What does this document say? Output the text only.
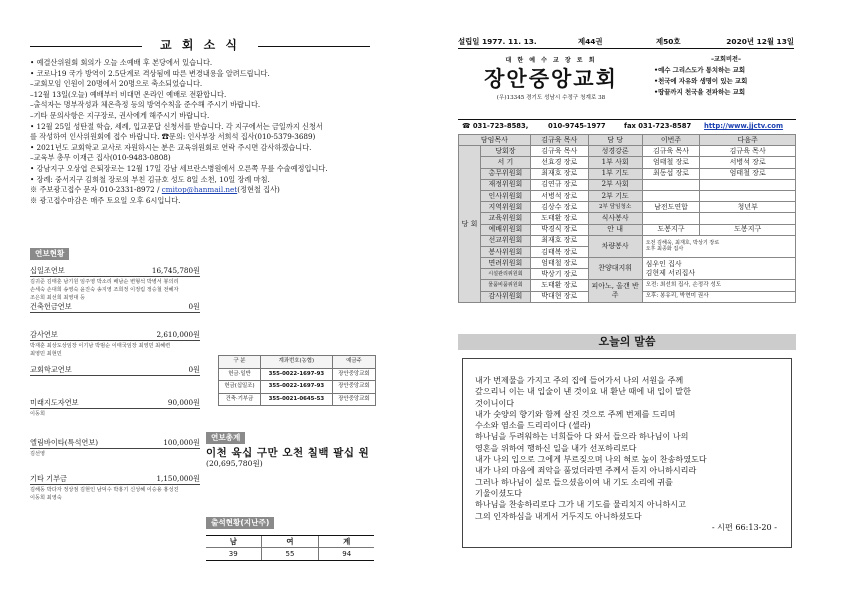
교 회 소 식
• 예결산위원회 회의가 오늘 소예배 후 본당에서 있습니다.
• 코로나19 국가 방역이 2.5단계로 격상됨에 따른 변경내용을 알려드립니다.
–교회모임 인원이 20명에서 20명으로 축소되었습니다.
–12월 13일(오늘) 예배부터 비대면 온라인 예배로 전환합니다.
–출석자는 명부작성과 체온측정 등의 방역수칙을 준수해 주시기 바랍니다.
–기타 문의사항은 지구장로, 권사에게 해주시기 바랍니다.
• 12월 25일 성탄절 학습, 세례, 입교문답 신청서를 받습니다. 각 지구에서는 금일까지 신청서
를 작성하여 인사위원회에 접수 바랍니다. ☎문의: 인사부장 서희석 집사(010-5379-3689)
• 2021년도 교회학교 교사로 자원하시는 분은 교육위원회로 연락 주시면 감사하겠습니다.
–교육부 총무 이재근 집사(010-9483-0808)
• 강남지구 오상엽 은퇴장로는 12월 17일 강남 세브란스병원에서 오른쪽 무릎 수술예정입니다.
• 장례: 중서지구 김희철 장로의 부친 김규호 성도 8일 소천, 10일 장례 마침.
※ 주보광고접수 문자 010-2331-8972 / cmitop@hanmail.net(정현철 집사)
※ 광고접수마감은 매주 토요일 오후 6시입니다.
연보현황
십일조연보	16,745,780원
김귀준 김태훈 남기원 임주영 박소리 배남순 변형석 박병서 봉의리
손세숙 손대희 송영숙 윤진숙 송지영 조희정 이정림 정승철 전혜자
조은희 최선희 최영대 등
건축헌금연보	0원
감사연보	2,610,000원
박재훈 최상도상임장 이기남 박범순 이태국임장 최영민 최혜련
최영민 최현민
교회학교연보	0원
미래지도자연보	90,000원
이동희
엘림바이타(특석연보)	100,000원
김선영
기타 기부금	1,150,000원
김해동 박다자 정상점 김현인 남덕수 박홍기 신성혜 이승용 홍성진
이동희 최영숙
구 분	계좌번호(농협)	예금주
헌금·일반	355-0022-1697-93	장안중앙교회
헌금(십일조)	355-0022-1697-93	장안중앙교회
건축·기부금	355-0021-0645-53	장안중앙교회
연보총계
이천 육십 구만 오천 칠백 팔십 원
(20,695,780원)
출석현황(지난주)
남	여	계
39	55	94
설립일 1977. 11. 13.	제44권	제50호	2020년 12월 13일
대 한 예 수 교 장 로 회
장안중앙교회
(우)13345 경기도 성남시 수정구 청계로 38
–교회비전–
•예수 그리스도가 통치하는 교회
•천국에 자유와 생명이 있는 교회
•땅끝까지 천국을 전파하는 교회
☎ 031-723-8583,	010-9745-1977	fax 031-723-8587 http://www.jjctv.com
담임목사		김규육 목사	담 당	이번주	다음주
당 회	당회장	김규육 목사	성경강론	김규육 목사	김규육 목사
	서 기	선효경 장로	1부 사회	엄태철 장로	서병석 장로
	총무위원회	최재호 장로	1부 기도	최동섭 장로	엄태철 장로
	재정위원회	김연규 장로	2부 사회		
	인사위원회	서병석 장로	2부 기도		
	지역위원회	김상수 장로	2부 담임청소	남전도연합	청년부
	교육위원회	도태환 장로	식사봉사		
	예배위원회	박경식 장로	안 내	도봉지구	도봉지구
	선교위원회	최재호 장로	차량봉사	오전 김해욱, 최재호, 박상기 장로
오후 최종화 집사	

	봉사위원회	김태복 장로			
	면려위원회	엄태철 장로	찬양대지휘	심우인 집사
김현제 서리집사	

	시설관리위원회	박상기 장로			
	물품비품위원회	도태환 장로	피아노, 올갠 반주	오전: 최선희 집사, 손정각 성도	
	감사위원회	박대현 장로		오후: 봉유리, 박현미 권사	
오늘의 말씀
내가 번제물을 가지고 주의 집에 들어가서 나의 서원을 주께
갚으리니 이는 내 입술이 낸 것이요 내 환난 때에 내 입이 말한
것이니이다
내가 숫양의 향기와 함께 살진 것으로 주께 번제를 드리며
수소와 염소를 드리리이다 (셀라)
하나님을 두려워하는 너희들아 다 와서 들으라 하나님이 나의
영혼을 위하여 행하신 일을 내가 선포하리로다
내가 나의 입으로 그에게 부르짖으며 나의 혀로 높이 찬송하였도다
내가 나의 마음에 죄악을 품었더라면 주께서 듣지 아니하시리라
그러나 하나님이 실로 들으셨음이여 내 기도 소리에 귀를
기울이셨도다
하나님을 찬송하리로다 그가 내 기도를 물리치지 아니하시고
그의 인자하심을 내게서 거두지도 아니하셨도다
- 시편 66:13-20 -
